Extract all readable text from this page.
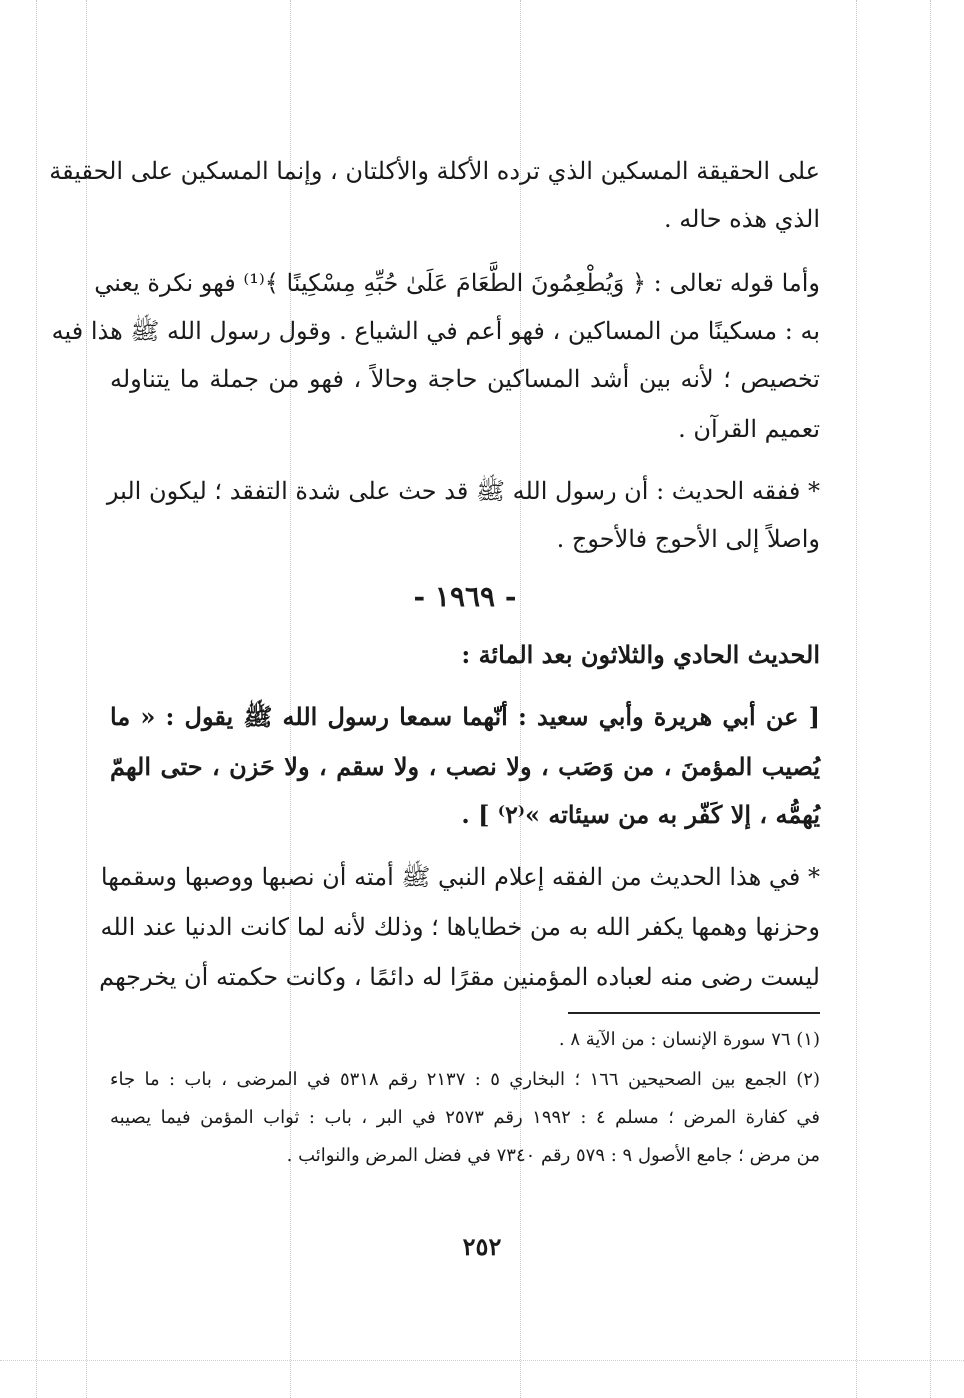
على الحقيقة المسكين الذي ترده الأكلة والأكلتان ، وإنما المسكين على الحقيقة
الذي هذه حاله .
وأما قوله تعالى : ﴿ وَيُطْعِمُونَ الطَّعَامَ عَلَىٰ حُبِّهِ مِسْكِينًا ﴾⁽¹⁾ فهو نكرة يعني
به : مسكينًا من المساكين ، فهو أعم في الشياع . وقول رسول الله ﷺ هذا فيه
تخصيص ؛ لأنه بين أشد المساكين حاجة وحالاً ، فهو من جملة ما يتناوله
تعميم القرآن .
* ففقه الحديث : أن رسول الله ﷺ قد حث على شدة التفقد ؛ ليكون البر
واصلاً إلى الأحوج فالأحوج .
- ١٩٦٩ -
الحديث الحادي والثلاثون بعد المائة :
[ عن أبي هريرة وأبي سعيد : أنّهما سمعا رسول الله ﷺ يقول : « ما
يُصيب المؤمنَ ، من وَصَب ، ولا نصب ، ولا سقم ، ولا حَزن ، حتى الهمّ
يُهمُّه ، إلا كَفّر به من سيئاته »⁽٢⁾ ] .
* في هذا الحديث من الفقه إعلام النبي ﷺ أمته أن نصبها ووصبها وسقمها
وحزنها وهمها يكفر الله به من خطاياها ؛ وذلك لأنه لما كانت الدنيا عند الله
ليست رضى منه لعباده المؤمنين مقرًا له دائمًا ، وكانت حكمته أن يخرجهم
(١) ٧٦ سورة الإنسان : من الآية ٨ .
(٢) الجمع بين الصحيحين ١٦٦ ؛ البخاري ٥ : ٢١٣٧ رقم ٥٣١٨ في المرضى ، باب : ما جاء
في كفارة المرض ؛ مسلم ٤ : ١٩٩٢ رقم ٢٥٧٣ في البر ، باب : ثواب المؤمن فيما يصيبه
من مرض ؛ جامع الأصول ٩ : ٥٧٩ رقم ٧٣٤٠ في فضل المرض والنوائب .
٢٥٢
